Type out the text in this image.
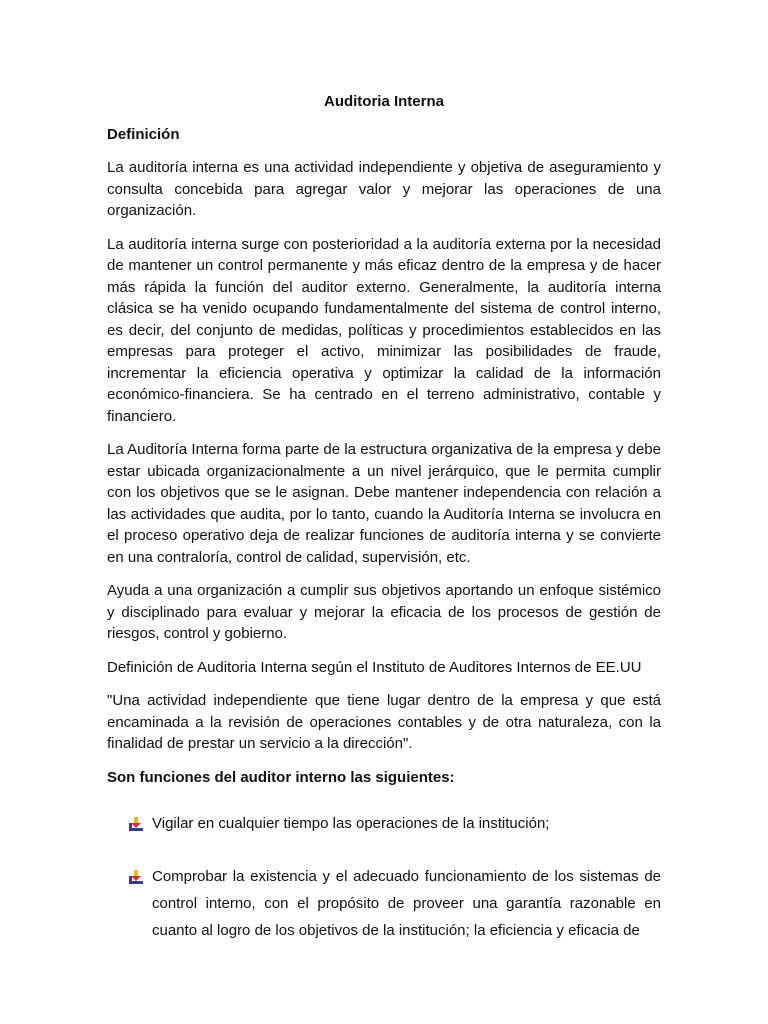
Auditoria Interna
Definición

La auditoría interna es una actividad independiente y objetiva de aseguramiento y consulta concebida para agregar valor y mejorar las operaciones de una organización.

La auditoría interna surge con posterioridad a la auditoría externa por la necesidad de mantener un control permanente y más eficaz dentro de la empresa y de hacer más rápida la función del auditor externo. Generalmente, la auditoría interna clásica se ha venido ocupando fundamentalmente del sistema de control interno, es decir, del conjunto de medidas, políticas y procedimientos establecidos en las empresas para proteger el activo, minimizar las posibilidades de fraude, incrementar la eficiencia operativa y optimizar la calidad de la información económico-financiera. Se ha centrado en el terreno administrativo, contable y financiero.

La Auditoría Interna forma parte de la estructura organizativa de la empresa y debe estar ubicada organizacionalmente a un nivel jerárquico, que le permita cumplir con los objetivos que se le asignan. Debe mantener independencia con relación a las actividades que audita, por lo tanto, cuando la Auditoría Interna se involucra en el proceso operativo deja de realizar funciones de auditoría interna y se convierte en una contraloría, control de calidad, supervisión, etc.

Ayuda a una organización a cumplir sus objetivos aportando un enfoque sistémico y disciplinado para evaluar y mejorar la eficacia de los procesos de gestión de riesgos, control y gobierno.

Definición de Auditoria Interna según el Instituto de Auditores Internos de EE.UU

"Una actividad independiente que tiene lugar dentro de la empresa y que está encaminada a la revisión de operaciones contables y de otra naturaleza, con la finalidad de prestar un servicio a la dirección".

Son funciones del auditor interno las siguientes:
Vigilar en cualquier tiempo las operaciones de la institución;
Comprobar la existencia y el adecuado funcionamiento de los sistemas de control interno, con el propósito de proveer una garantía razonable en cuanto al logro de los objetivos de la institución; la eficiencia y eficacia de
